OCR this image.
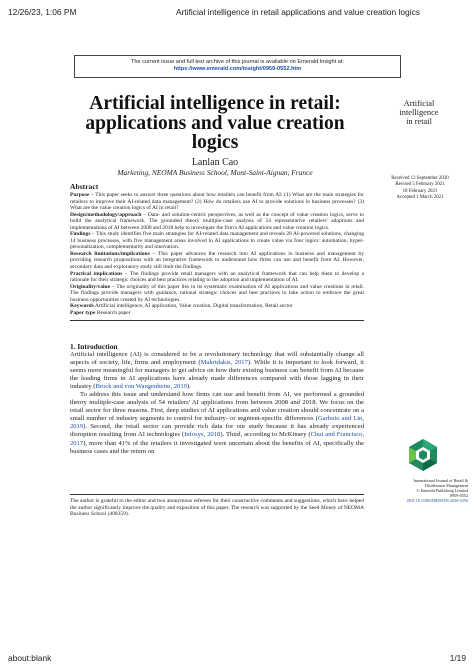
12/26/23, 1:06 PM	Artificial intelligence in retail applications and value creation logics
The current issue and full text archive of this journal is available on Emerald Insight at:
https://www.emerald.com/insight/0959-0552.htm
Artificial intelligence in retail: applications and value creation logics
Artificial
intelligence
in retail
Lanlan Cao
Marketing, NEOMA Business School, Mont-Saint-Aignan, France
Received 12 September 2020
Revised 5 February 2021
18 February 2021
Accepted 1 March 2021
Abstract

Purpose – This paper seeks to answer three questions about how retailers can benefit from AI: (1) What are the main strategies for retailers to improve their AI-related data management? (2) How do retailers use AI to provide solutions in business processes? (3) What are the value creation logics of AI in retail?

Design/methodology/approach – Data- and solution-centric perspectives, as well as the concept of value creation logics, serve to build the analytical framework. The grounded theory multiple-case analysis of 54 representative retailers' adoptions and implementations of AI between 2008 and 2018 help to investigate the firm's AI applications and value creation logics.

Findings – This study identifies five main strategies for AI-related data management and reveals 28 AI-powered solutions, changing 14 business processes, with five management areas involved in AI applications to create value via four logics: automation, hyper-personalization, complementarity and innovation.

Research limitations/implications – This paper advances the research into AI applications in business and management by providing research propositions with an integrative framework to understand how firms can use and benefit from AI. However, secondary data and exploratory study still limit the findings.

Practical implications – The findings provide retail managers with an analytical framework that can help them to develop a rationale for their strategic choices and best practices relating to the adoption and implementation of AI.

Originality/value – The originality of this paper lies in its systematic examination of AI applications and value creations in retail. The findings provide managers with guidance, rational strategic choices and best practices to take action to embrace the great business opportunities created by AI technologies.

Keywords Artificial intelligence, AI application, Value creation, Digital transformation, Retail sector

Paper type Research paper

1. Introduction

Artificial intelligence (AI) is considered to be a revolutionary technology that will substantially change all aspects of society, life, firms and employment (Makridakis, 2017). While it is important to look forward, it seems more meaningful for managers to get advice on how their existing business can benefit from AI because the leading firms in AI applications have already made differences compared with those lagging in their industry (Brock and von Wangenheim, 2019).

To address this issue and understand how firms can use and benefit from AI, we performed a grounded theory multiple-case analysis of 54 retailers' AI applications from between 2008 and 2018. We focus on the retail sector for three reasons. First, deep studies of AI applications and value creation should concentrate on a small number of industry segments to control for industry- or segment-specific differences (Garbuio and Lin, 2019). Second, the retail sector can provide rich data for our study because it has already experienced disruption resulting from AI technologies (Infosys, 2018). Third, according to McKinsey (Chui and Francisco, 2017), more than 41% of the retailers it investigated were uncertain about the benefits of AI, specifically the business cases and the return on

The author is grateful to the editor and two anonymous referees for their constructive comments and suggestions, which have helped the author significantly improve the quality and exposition of this paper. The research was supported by the Seed Money of NEOMA Business School (408359).
International Journal of Retail &
Distribution Management
© Emerald Publishing Limited
0959-0552
DOI 10.1108/IJRDM-09-2020-0350
about:blank	1/19
